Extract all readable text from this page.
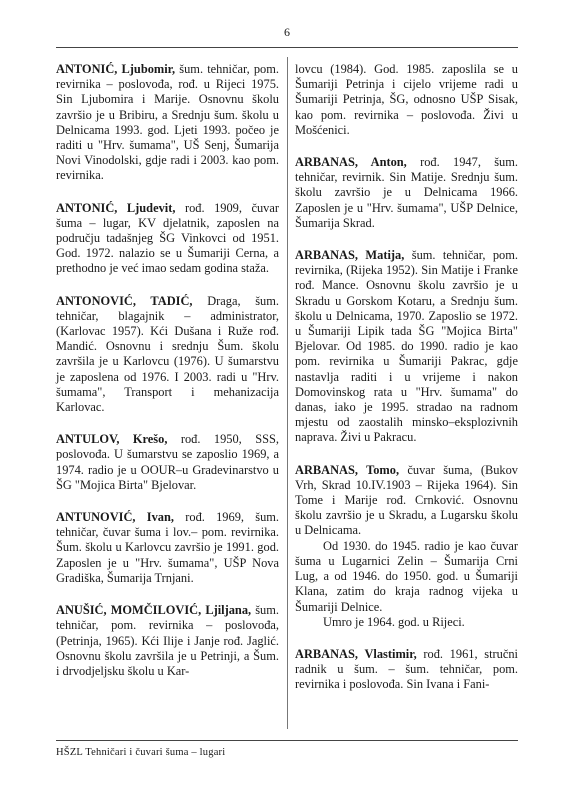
6

ANTONIĆ, Ljubomir, šum. tehničar, pom. revirnika – poslovođa, rođ. u Rijeci 1975. Sin Ljubomira i Marije. Osnovnu školu završio je u Bribiru, a Srednju šum. školu u Delnicama 1993. god. Ljeti 1993. počeo je raditi u "Hrv. šumama", UŠ Senj, Šumarija Novi Vinodolski, gdje radi i 2003. kao pom. revirnika.

ANTONIĆ, Ljudevit, rođ. 1909, čuvar šuma – lugar, KV djelatnik, zaposlen na području tadašnjeg ŠG Vinkovci od 1951. God. 1972. nalazio se u Šumariji Cerna, a prethodno je već imao sedam godina staža.

ANTONOVIĆ, TADIĆ, Draga, šum. tehničar, blagajnik – administrator, (Karlovac 1957). Kći Dušana i Ruže rođ. Mandić. Osnovnu i srednju Šum. školu završila je u Karlovcu (1976). U šumarstvu je zaposlena od 1976. I 2003. radi u "Hrv. šumama", Transport i mehanizacija Karlovac.

ANTULOV, Krešo, rođ. 1950, SSS, poslovođa. U šumarstvu se zaposlio 1969, a 1974. radio je u OOUR–u Gradevinarstvo u ŠG "Mojica Birta" Bjelovar.

ANTUNOVIĆ, Ivan, rođ. 1969, šum. tehničar, čuvar šuma i lov.– pom. revirnika. Šum. školu u Karlovcu završio je 1991. god. Zaposlen je u "Hrv. šumama", UŠP Nova Gradiška, Šumarija Trnjani.

ANUŠIĆ, MOMČILOVIĆ, Ljiljana, šum. tehničar, pom. revirnika – poslovođa, (Petrinja, 1965). Kći Ilije i Janje rođ. Jaglić. Osnovnu školu završila je u Petrinji, a Šum. i drvodjeljsku školu u Kar-

lovcu (1984). God. 1985. zaposlila se u Šumariji Petrinja i cijelo vrijeme radi u Šumariji Petrinja, ŠG, odnosno UŠP Sisak, kao pom. revirnika – poslovođa. Živi u Mošćenici.

ARBANAS, Anton, rođ. 1947, šum. tehničar, revirnik. Sin Matije. Srednju šum. školu završio je u Delnicama 1966. Zaposlen je u "Hrv. šumama", UŠP Delnice, Šumarija Skrad.

ARBANAS, Matija, šum. tehničar, pom. revirnika, (Rijeka 1952). Sin Matije i Franke rođ. Mance. Osnovnu školu završio je u Skradu u Gorskom Kotaru, a Srednju šum. školu u Delnicama, 1970. Zaposlio se 1972. u Šumariji Lipik tada ŠG "Mojica Birta" Bjelovar. Od 1985. do 1990. radio je kao pom. revirnika u Šumariji Pakrac, gdje nastavlja raditi i u vrijeme i nakon Domovinskog rata u "Hrv. šumama" do danas, iako je 1995. stradao na radnom mjestu od zaostalih minsko–eksplozivnih naprava. Živi u Pakracu.

ARBANAS, Tomo, čuvar šuma, (Bukov Vrh, Skrad 10.IV.1903 – Rijeka 1964). Sin Tome i Marije rođ. Crnković. Osnovnu školu završio je u Skradu, a Lugarsku školu u Delnicama.
Od 1930. do 1945. radio je kao čuvar šuma u Lugarnici Zelin – Šumarija Crni Lug, a od 1946. do 1950. god. u Šumariji Klana, zatim do kraja radnog vijeka u Šumariji Delnice.
Umro je 1964. god. u Rijeci.

ARBANAS, Vlastimir, rođ. 1961, stručni radnik u šum. – šum. tehničar, pom. revirnika i poslovođa. Sin Ivana i Fani-

HŠZL Tehničari i čuvari šuma – lugari
